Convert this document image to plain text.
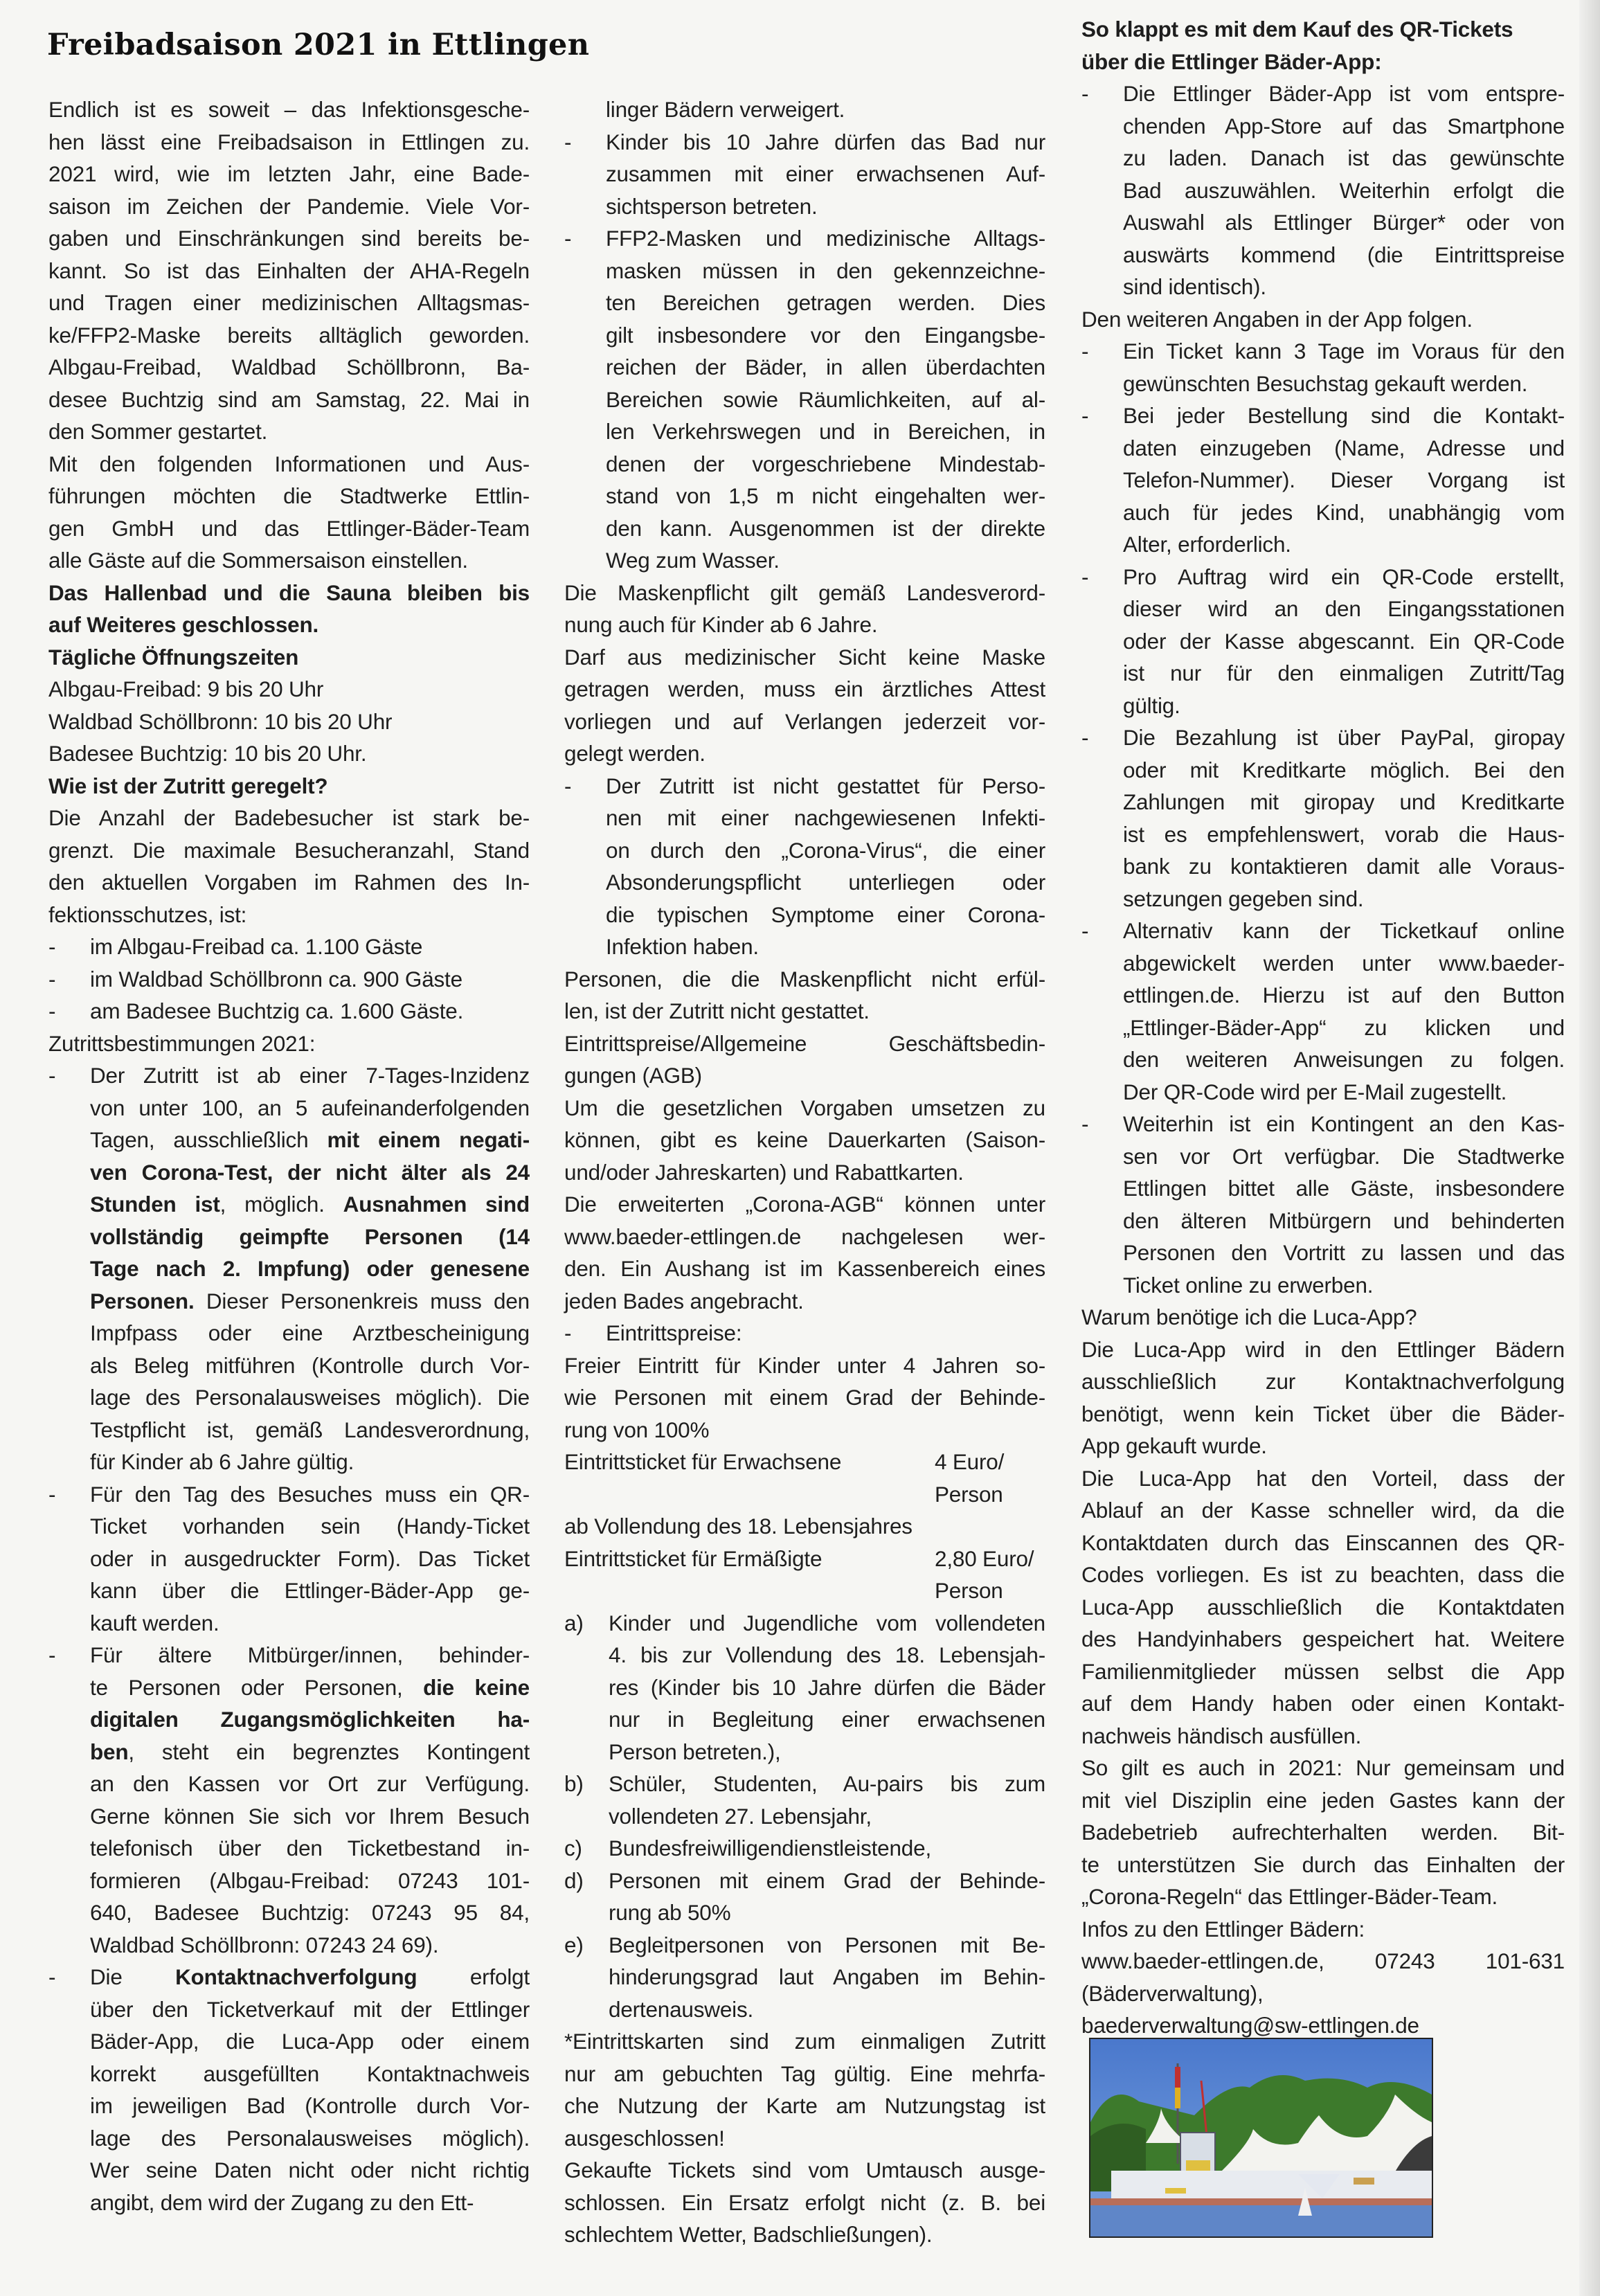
Freibadsaison 2021 in Ettlingen
Endlich ist es soweit – das Infektionsgesche-
hen lässt eine Freibadsaison in Ettlingen zu.
2021 wird, wie im letzten Jahr, eine Bade-
saison im Zeichen der Pandemie. Viele Vor-
gaben und Einschränkungen sind bereits be-
kannt. So ist das Einhalten der AHA-Regeln
und Tragen einer medizinischen Alltagsmas-
ke/FFP2-Maske bereits alltäglich geworden.
Albgau-Freibad, Waldbad Schöllbronn, Ba-
desee Buchtzig sind am Samstag, 22. Mai in
den Sommer gestartet.
Mit den folgenden Informationen und Aus-
führungen möchten die Stadtwerke Ettlin-
gen GmbH und das Ettlinger-Bäder-Team
alle Gäste auf die Sommersaison einstellen.
Das Hallenbad und die Sauna bleiben bis
auf Weiteres geschlossen.
Tägliche Öffnungszeiten
Albgau-Freibad: 9 bis 20 Uhr
Waldbad Schöllbronn: 10 bis 20 Uhr
Badesee Buchtzig: 10 bis 20 Uhr.
Wie ist der Zutritt geregelt?
Die Anzahl der Badebesucher ist stark be-
grenzt. Die maximale Besucheranzahl, Stand
den aktuellen Vorgaben im Rahmen des In-
fektionsschutzes, ist:
- im Albgau-Freibad ca. 1.100 Gäste
- im Waldbad Schöllbronn ca. 900 Gäste
- am Badesee Buchtzig ca. 1.600 Gäste.
Zutrittsbestimmungen 2021:
- Der Zutritt ist ab einer 7-Tages-Inzidenz
von unter 100, an 5 aufeinanderfolgenden
Tagen, ausschließlich mit einem negati-
ven Corona-Test, der nicht älter als 24
Stunden ist, möglich. Ausnahmen sind
vollständig geimpfte Personen (14
Tage nach 2. Impfung) oder genesene
Personen. Dieser Personenkreis muss den
Impfpass oder eine Arztbescheinigung
als Beleg mitführen (Kontrolle durch Vor-
lage des Personalausweises möglich). Die
Testpflicht ist, gemäß Landesverordnung,
für Kinder ab 6 Jahre gültig.
- Für den Tag des Besuches muss ein QR-
Ticket vorhanden sein (Handy-Ticket
oder in ausgedruckter Form). Das Ticket
kann über die Ettlinger-Bäder-App ge-
kauft werden.
- Für ältere Mitbürger/innen, behinder-
te Personen oder Personen, die keine
digitalen Zugangsmöglichkeiten ha-
ben, steht ein begrenztes Kontingent
an den Kassen vor Ort zur Verfügung.
Gerne können Sie sich vor Ihrem Besuch
telefonisch über den Ticketbestand in-
formieren (Albgau-Freibad: 07243 101-
640, Badesee Buchtzig: 07243 95 84,
Waldbad Schöllbronn: 07243 24 69).
- Die Kontaktnachverfolgung erfolgt
über den Ticketverkauf mit der Ettlinger
Bäder-App, die Luca-App oder einem
korrekt ausgefüllten Kontaktnachweis
im jeweiligen Bad (Kontrolle durch Vor-
lage des Personalausweises möglich).
Wer seine Daten nicht oder nicht richtig
angibt, dem wird der Zugang zu den Ett-
linger Bädern verweigert.
- Kinder bis 10 Jahre dürfen das Bad nur
zusammen mit einer erwachsenen Auf-
sichtsperson betreten.
- FFP2-Masken und medizinische Alltags-
masken müssen in den gekennzeichne-
ten Bereichen getragen werden. Dies
gilt insbesondere vor den Eingangsbe-
reichen der Bäder, in allen überdachten
Bereichen sowie Räumlichkeiten, auf al-
len Verkehrswegen und in Bereichen, in
denen der vorgeschriebene Mindestab-
stand von 1,5 m nicht eingehalten wer-
den kann. Ausgenommen ist der direkte
Weg zum Wasser.
Die Maskenpflicht gilt gemäß Landesverord-
nung auch für Kinder ab 6 Jahre.
Darf aus medizinischer Sicht keine Maske
getragen werden, muss ein ärztliches Attest
vorliegen und auf Verlangen jederzeit vor-
gelegt werden.
- Der Zutritt ist nicht gestattet für Perso-
nen mit einer nachgewiesenen Infekti-
on durch den „Corona-Virus“, die einer
Absonderungspflicht unterliegen oder
die typischen Symptome einer Corona-
Infektion haben.
Personen, die die Maskenpflicht nicht erfül-
len, ist der Zutritt nicht gestattet.
Eintrittspreise/Allgemeine Geschäftsbedin-
gungen (AGB)
Um die gesetzlichen Vorgaben umsetzen zu
können, gibt es keine Dauerkarten (Saison-
und/oder Jahreskarten) und Rabattkarten.
Die erweiterten „Corona-AGB“ können unter
www.baeder-ettlingen.de nachgelesen wer-
den. Ein Aushang ist im Kassenbereich eines
jeden Bades angebracht.
- Eintrittspreise:
Freier Eintritt für Kinder unter 4 Jahren so-
wie Personen mit einem Grad der Behinde-
rung von 100%
Eintrittsticket für Erwachsene	4 Euro/
Person
ab Vollendung des 18. Lebensjahres
Eintrittsticket für Ermäßigte	2,80 Euro/
Person
a) Kinder und Jugendliche vom vollendeten
4. bis zur Vollendung des 18. Lebensjah-
res (Kinder bis 10 Jahre dürfen die Bäder
nur in Begleitung einer erwachsenen
Person betreten.),
b) Schüler, Studenten, Au-pairs bis zum
vollendeten 27. Lebensjahr,
c) Bundesfreiwilligendienstleistende,
d) Personen mit einem Grad der Behinde-
rung ab 50%
e) Begleitpersonen von Personen mit Be-
hinderungsgrad laut Angaben im Behin-
dertenausweis.
*Eintrittskarten sind zum einmaligen Zutritt
nur am gebuchten Tag gültig. Eine mehrfa-
che Nutzung der Karte am Nutzungstag ist
ausgeschlossen!
Gekaufte Tickets sind vom Umtausch ausge-
schlossen. Ein Ersatz erfolgt nicht (z. B. bei
schlechtem Wetter, Badschließungen).
So klappt es mit dem Kauf des QR-Tickets
über die Ettlinger Bäder-App:
- Die Ettlinger Bäder-App ist vom entspre-
chenden App-Store auf das Smartphone
zu laden. Danach ist das gewünschte
Bad auszuwählen. Weiterhin erfolgt die
Auswahl als Ettlinger Bürger* oder von
auswärts kommend (die Eintrittspreise
sind identisch).
Den weiteren Angaben in der App folgen.
- Ein Ticket kann 3 Tage im Voraus für den
gewünschten Besuchstag gekauft werden.
- Bei jeder Bestellung sind die Kontakt-
daten einzugeben (Name, Adresse und
Telefon-Nummer). Dieser Vorgang ist
auch für jedes Kind, unabhängig vom
Alter, erforderlich.
- Pro Auftrag wird ein QR-Code erstellt,
dieser wird an den Eingangsstationen
oder der Kasse abgescannt. Ein QR-Code
ist nur für den einmaligen Zutritt/Tag
gültig.
- Die Bezahlung ist über PayPal, giropay
oder mit Kreditkarte möglich. Bei den
Zahlungen mit giropay und Kreditkarte
ist es empfehlenswert, vorab die Haus-
bank zu kontaktieren damit alle Voraus-
setzungen gegeben sind.
- Alternativ kann der Ticketkauf online
abgewickelt werden unter www.baeder-
ettlingen.de. Hierzu ist auf den Button
„Ettlinger-Bäder-App“ zu klicken und
den weiteren Anweisungen zu folgen.
Der QR-Code wird per E-Mail zugestellt.
- Weiterhin ist ein Kontingent an den Kas-
sen vor Ort verfügbar. Die Stadtwerke
Ettlingen bittet alle Gäste, insbesondere
den älteren Mitbürgern und behinderten
Personen den Vortritt zu lassen und das
Ticket online zu erwerben.
Warum benötige ich die Luca-App?
Die Luca-App wird in den Ettlinger Bädern
ausschließlich zur Kontaktnachverfolgung
benötigt, wenn kein Ticket über die Bäder-
App gekauft wurde.
Die Luca-App hat den Vorteil, dass der
Ablauf an der Kasse schneller wird, da die
Kontaktdaten durch das Einscannen des QR-
Codes vorliegen. Es ist zu beachten, dass die
Luca-App ausschließlich die Kontaktdaten
des Handyinhabers gespeichert hat. Weitere
Familienmitglieder müssen selbst die App
auf dem Handy haben oder einen Kontakt-
nachweis händisch ausfüllen.
So gilt es auch in 2021: Nur gemeinsam und
mit viel Disziplin eine jeden Gastes kann der
Badebetrieb aufrechterhalten werden. Bit-
te unterstützen Sie durch das Einhalten der
„Corona-Regeln“ das Ettlinger-Bäder-Team.
Infos zu den Ettlinger Bädern:
www.baeder-ettlingen.de, 07243 101-631
(Bäderverwaltung),
baederverwaltung@sw-ettlingen.de
